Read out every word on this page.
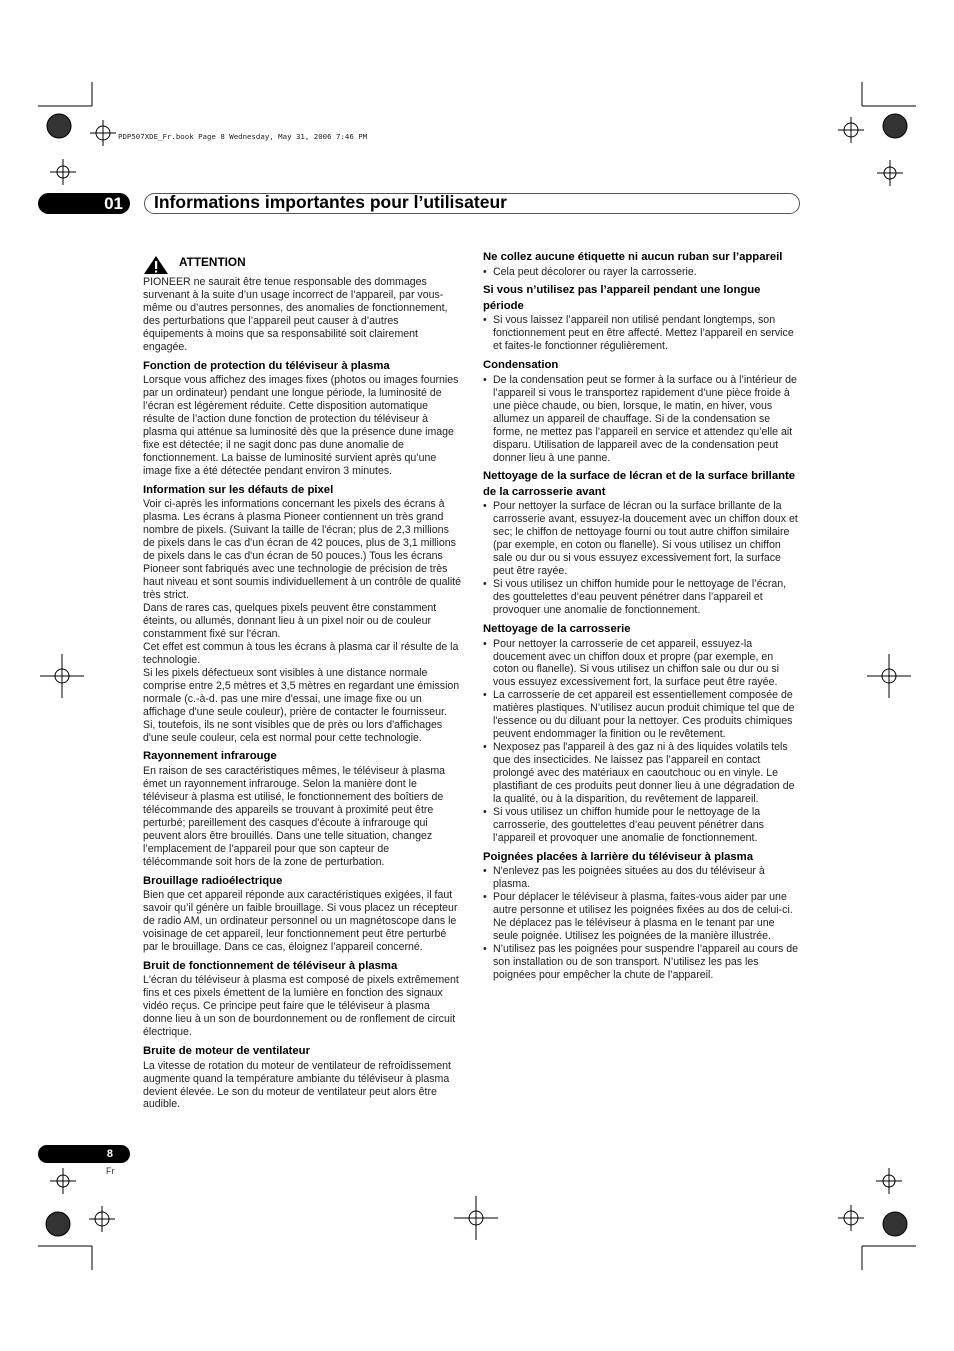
PDP507XDE_Fr.book Page 8 Wednesday, May 31, 2006 7:46 PM
01	Informations importantes pour l’utilisateur
ATTENTION

PIONEER ne saurait être tenue responsable des dommages survenant à la suite d’un usage incorrect de l’appareil, par vous-même ou d’autres personnes, des anomalies de fonctionnement, des perturbations que l’appareil peut causer à d’autres équipements à moins que sa responsabilité soit clairement engagée.

Fonction de protection du téléviseur à plasma

Lorsque vous affichez des images fixes (photos ou images fournies par un ordinateur) pendant une longue période, la luminosité de l’écran est légèrement réduite. Cette disposition automatique résulte de l’action dune fonction de protection du téléviseur à plasma qui atténue sa luminosité dès que la présence dune image fixe est détectée; il ne sagit donc pas dune anomalie de fonctionnement. La baisse de luminosité survient après qu’une image fixe a été détectée pendant environ 3 minutes.

Information sur les défauts de pixel

Voir ci-après les informations concernant les pixels des écrans à plasma. Les écrans à plasma Pioneer contiennent un très grand nombre de pixels. (Suivant la taille de l'écran; plus de 2,3 millions de pixels dans le cas d'un écran de 42 pouces, plus de 3,1 millions de pixels dans le cas d'un écran de 50 pouces.) Tous les écrans Pioneer sont fabriqués avec une technologie de précision de très haut niveau et sont soumis individuellement à un contrôle de qualité très strict.

Dans de rares cas, quelques pixels peuvent être constamment éteints, ou allumés, donnant lieu à un pixel noir ou de couleur constamment fixé sur l'écran.

Cet effet est commun à tous les écrans à plasma car il résulte de la technologie.

Si les pixels défectueux sont visibles à une distance normale comprise entre 2,5 mètres et 3,5 mètres en regardant une émission normale (c.-à-d. pas une mire d'essai, une image fixe ou un affichage d'une seule couleur), prière de contacter le fournisseur.

Si, toutefois, ils ne sont visibles que de près ou lors d'affichages d'une seule couleur, cela est normal pour cette technologie.

Rayonnement infrarouge

En raison de ses caractéristiques mêmes, le téléviseur à plasma émet un rayonnement infrarouge. Selon la manière dont le téléviseur à plasma est utilisé, le fonctionnement des boîtiers de télécommande des appareils se trouvant à proximité peut être perturbé; pareillement des casques d'écoute à infrarouge qui peuvent alors être brouillés. Dans une telle situation, changez l’emplacement de l’appareil pour que son capteur de télécommande soit hors de la zone de perturbation.

Brouillage radioélectrique

Bien que cet appareil réponde aux caractéristiques exigées, il faut savoir qu’il génère un faible brouillage. Si vous placez un récepteur de radio AM, un ordinateur personnel ou un magnétoscope dans le voisinage de cet appareil, leur fonctionnement peut être perturbé par le brouillage. Dans ce cas, éloignez l’appareil concerné.

Bruit de fonctionnement de téléviseur à plasma

L'écran du téléviseur à plasma est composé de pixels extrêmement fins et ces pixels émettent de la lumière en fonction des signaux vidéo reçus. Ce principe peut faire que le téléviseur à plasma donne lieu à un son de bourdonnement ou de ronflement de circuit électrique.

Bruite de moteur de ventilateur

La vitesse de rotation du moteur de ventilateur de refroidissement augmente quand la température ambiante du téléviseur à plasma devient élevée. Le son du moteur de ventilateur peut alors être audible.

Ne collez aucune étiquette ni aucun ruban sur l’appareil
• Cela peut décolorer ou rayer la carrosserie.
Si vous n’utilisez pas l’appareil pendant une longue période
• Si vous laissez l’appareil non utilisé pendant longtemps, son fonctionnement peut en être affecté. Mettez l’appareil en service et faites-le fonctionner régulièrement.
Condensation
• De la condensation peut se former à la surface ou à l’intérieur de l’appareil si vous le transportez rapidement d’une pièce froide à une pièce chaude, ou bien, lorsque, le matin, en hiver, vous allumez un appareil de chauffage. Si de la condensation se forme, ne mettez pas l’appareil en service et attendez qu’elle ait disparu. Utilisation de lappareil avec de la condensation peut donner lieu à une panne.
Nettoyage de la surface de lécran et de la surface brillante de la carrosserie avant
• Pour nettoyer la surface de lécran ou la surface brillante de la carrosserie avant, essuyez-la doucement avec un chiffon doux et sec; le chiffon de nettoyage fourni ou tout autre chiffon similaire (par exemple, en coton ou flanelle). Si vous utilisez un chiffon sale ou dur ou si vous essuyez excessivement fort, la surface peut être rayée.
• Si vous utilisez un chiffon humide pour le nettoyage de l’écran, des gouttelettes d’eau peuvent pénétrer dans l’appareil et provoquer une anomalie de fonctionnement.
Nettoyage de la carrosserie
• Pour nettoyer la carrosserie de cet appareil, essuyez-la doucement avec un chiffon doux et propre (par exemple, en coton ou flanelle). Si vous utilisez un chiffon sale ou dur ou si vous essuyez excessivement fort, la surface peut être rayée.
• La carrosserie de cet appareil est essentiellement composée de matières plastiques. N’utilisez aucun produit chimique tel que de l'essence ou du diluant pour la nettoyer. Ces produits chimiques peuvent endommager la finition ou le revêtement.
• Nexposez pas l'appareil à des gaz ni à des liquides volatils tels que des insecticides. Ne laissez pas l’appareil en contact prolongé avec des matériaux en caoutchouc ou en vinyle. Le plastifiant de ces produits peut donner lieu à une dégradation de la qualité, ou à la disparition, du revêtement de lappareil.
• Si vous utilisez un chiffon humide pour le nettoyage de la carrosserie, des gouttelettes d’eau peuvent pénétrer dans l’appareil et provoquer une anomalie de fonctionnement.
Poignées placées à larrière du téléviseur à plasma
• N'enlevez pas les poignées situées au dos du téléviseur à plasma.
• Pour déplacer le téléviseur à plasma, faites-vous aider par une autre personne et utilisez les poignées fixées au dos de celui-ci. Ne déplacez pas le téléviseur à plasma en le tenant par une seule poignée. Utilisez les poignées de la manière illustrée.
• N’utilisez pas les poignées pour suspendre l’appareil au cours de son installation ou de son transport. N’utilisez les pas les poignées pour empêcher la chute de l’appareil.
8
Fr
